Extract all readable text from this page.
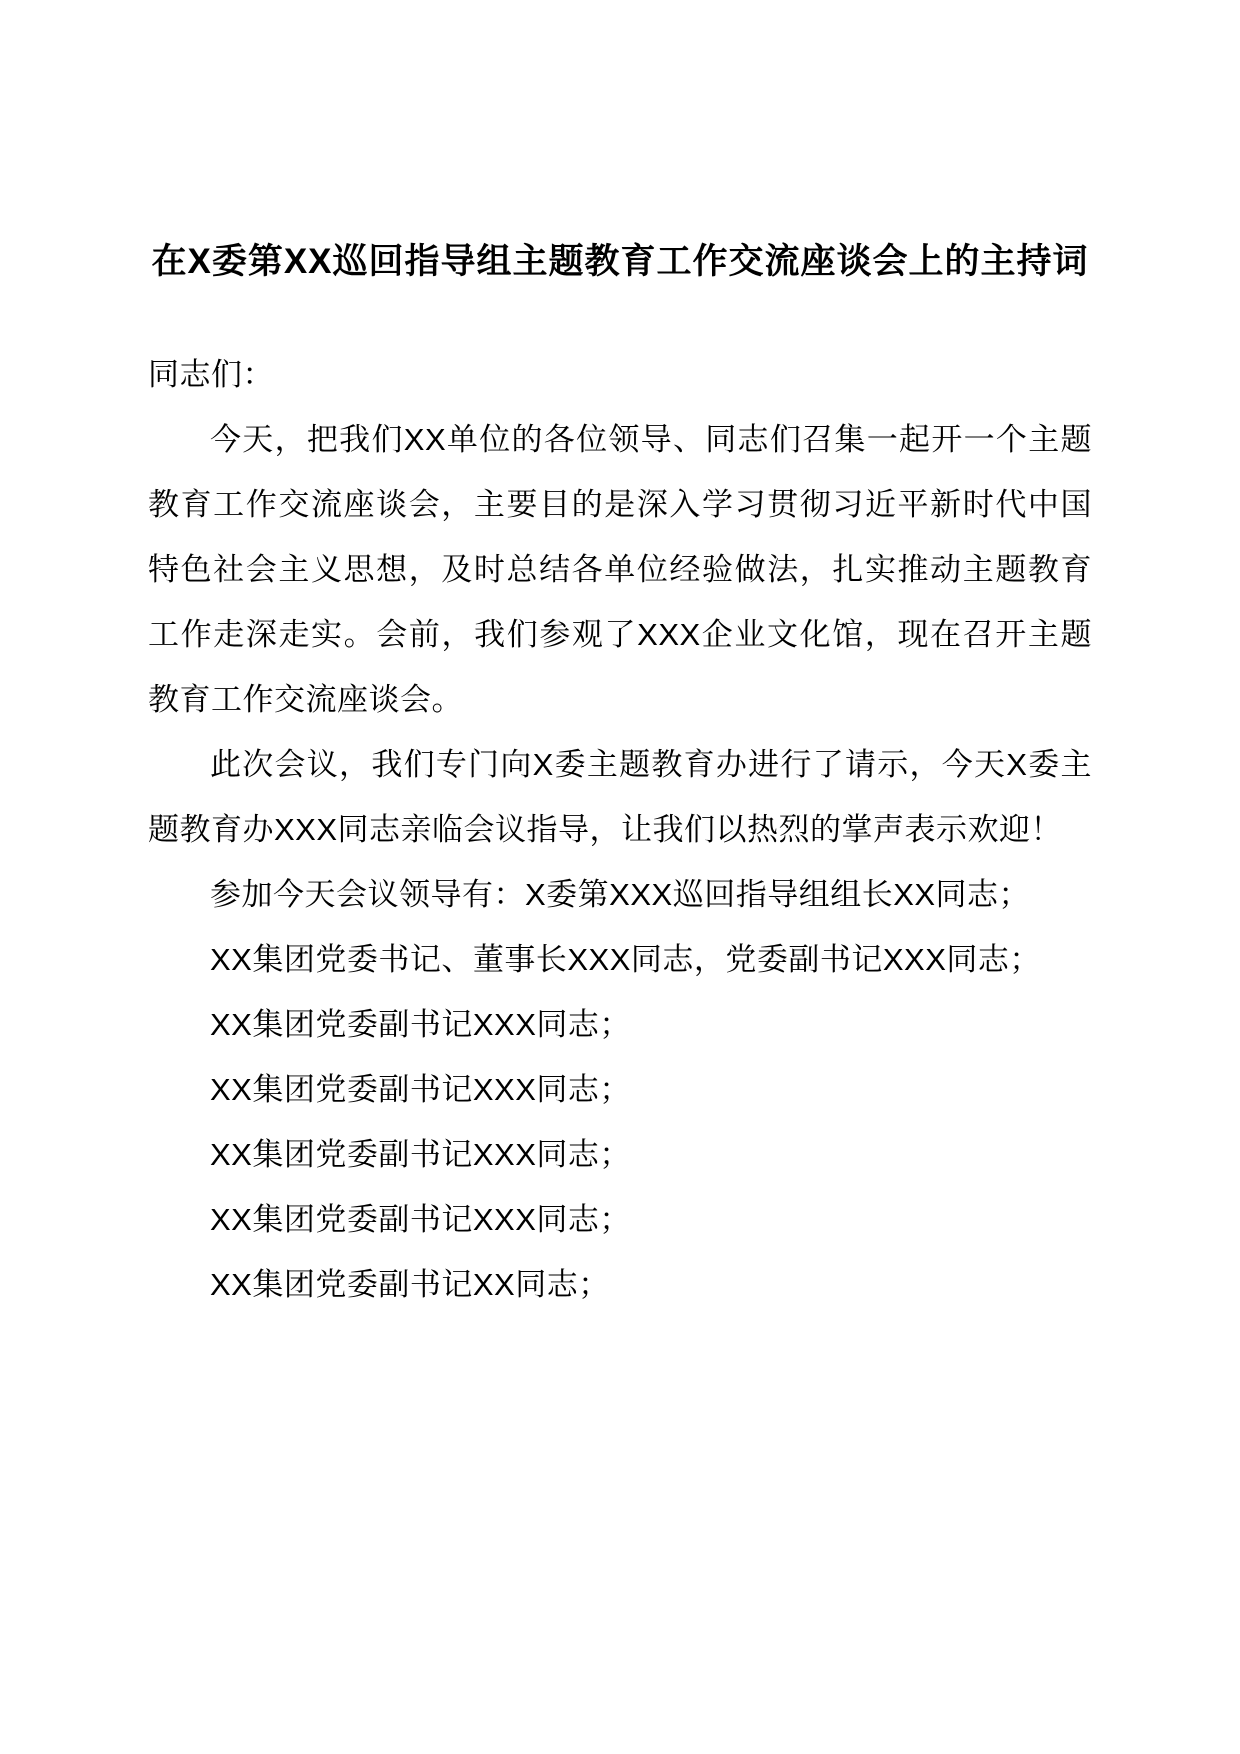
在X委第XX巡回指导组主题教育工作交流座谈会上的主持词

同志们：

今天，把我们XX单位的各位领导、同志们召集一起开一个主题教育工作交流座谈会，主要目的是深入学习贯彻习近平新时代中国特色社会主义思想，及时总结各单位经验做法，扎实推动主题教育工作走深走实。会前，我们参观了XXX企业文化馆，现在召开主题教育工作交流座谈会。

此次会议，我们专门向X委主题教育办进行了请示，今天X委主题教育办XXX同志亲临会议指导，让我们以热烈的掌声表示欢迎！

参加今天会议领导有：X委第XXX巡回指导组组长XX同志；

XX集团党委书记、董事长XXX同志，党委副书记XXX同志；

XX集团党委副书记XXX同志；

XX集团党委副书记XXX同志；

XX集团党委副书记XXX同志；

XX集团党委副书记XXX同志；

XX集团党委副书记XX同志；
